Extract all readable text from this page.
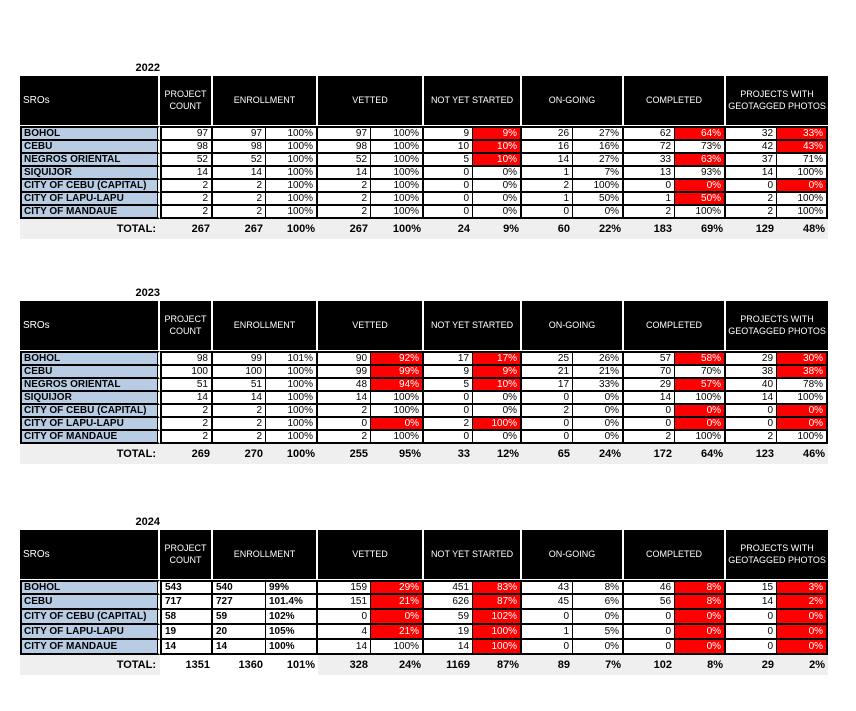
2022
SROs	PROJECT COUNT	ENROLLMENT		VETTED		NOT YET STARTED		ON-GOING		COMPLETED		PROJECTS WITH GEOTAGGED PHOTOS	
BOHOL	97	97	100%	97	100%	9	9%	26	27%	62	64%	32	33%
CEBU	98	98	100%	98	100%	10	10%	16	16%	72	73%	42	43%
NEGROS ORIENTAL	52	52	100%	52	100%	5	10%	14	27%	33	63%	37	71%
SIQUIJOR	14	14	100%	14	100%	0	0%	1	7%	13	93%	14	100%
CITY OF CEBU (CAPITAL)	2	2	100%	2	100%	0	0%	2	100%	0	0%	0	0%
CITY OF LAPU-LAPU	2	2	100%	2	100%	0	0%	1	50%	1	50%	2	100%
CITY OF MANDAUE	2	2	100%	2	100%	0	0%	0	0%	2	100%	2	100%
TOTAL:	267	267	100%	267	100%	24	9%	60	22%	183	69%	129	48%
2023
SROs	PROJECT COUNT	ENROLLMENT		VETTED		NOT YET STARTED		ON-GOING		COMPLETED		PROJECTS WITH GEOTAGGED PHOTOS	
BOHOL	98	99	101%	90	92%	17	17%	25	26%	57	58%	29	30%
CEBU	100	100	100%	99	99%	9	9%	21	21%	70	70%	38	38%
NEGROS ORIENTAL	51	51	100%	48	94%	5	10%	17	33%	29	57%	40	78%
SIQUIJOR	14	14	100%	14	100%	0	0%	0	0%	14	100%	14	100%
CITY OF CEBU (CAPITAL)	2	2	100%	2	100%	0	0%	2	0%	0	0%	0	0%
CITY OF LAPU-LAPU	2	2	100%	0	0%	2	100%	0	0%	0	0%	0	0%
CITY OF MANDAUE	2	2	100%	2	100%	0	0%	0	0%	2	100%	2	100%
TOTAL:	269	270	100%	255	95%	33	12%	65	24%	172	64%	123	46%
2024
SROs	PROJECT COUNT	ENROLLMENT		VETTED		NOT YET STARTED		ON-GOING		COMPLETED		PROJECTS WITH GEOTAGGED PHOTOS	
BOHOL	543	540	99%	159	29%	451	83%	43	8%	46	8%	15	3%
CEBU	717	727	101.4%	151	21%	626	87%	45	6%	56	8%	14	2%
CITY OF CEBU (CAPITAL)	58	59	102%	0	0%	59	102%	0	0%	0	0%	0	0%
CITY OF LAPU-LAPU	19	20	105%	4	21%	19	100%	1	5%	0	0%	0	0%
CITY OF MANDAUE	14	14	100%	14	100%	14	100%	0	0%	0	0%	0	0%
TOTAL:	1351	1360	101%	328	24%	1169	87%	89	7%	102	8%	29	2%
